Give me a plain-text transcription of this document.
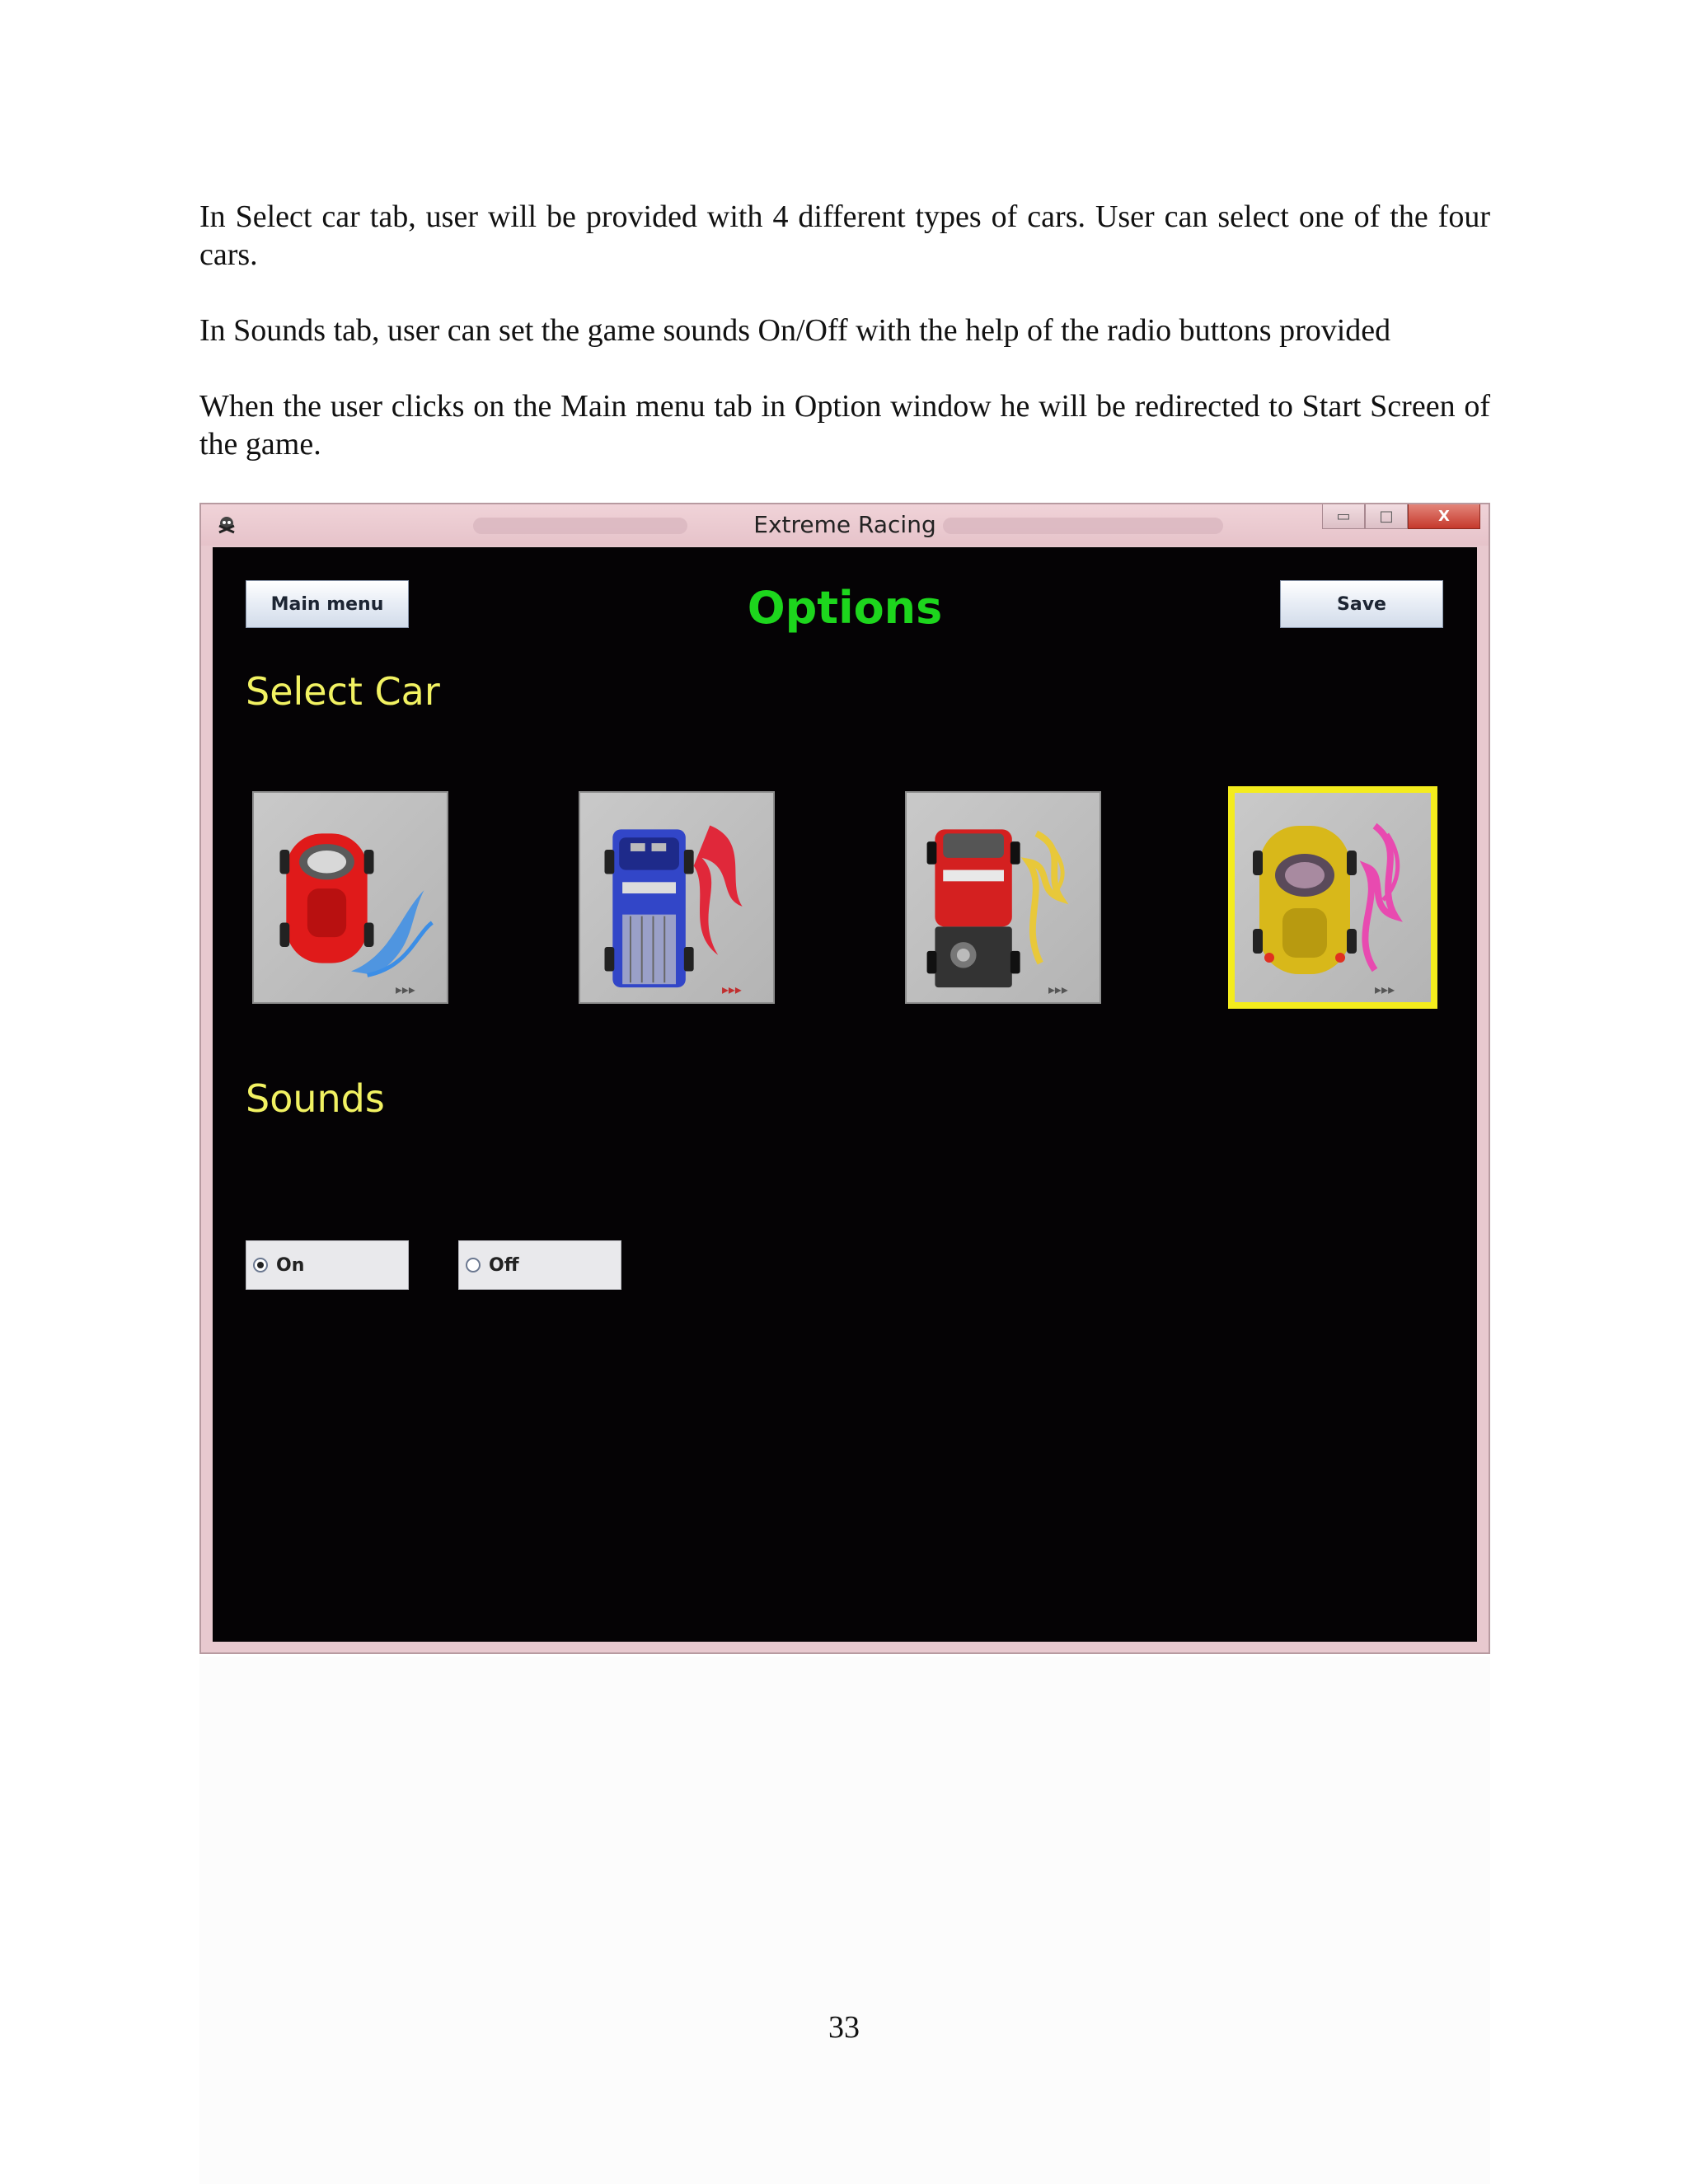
In Select car tab, user will be provided with 4 different types of cars. User can select one of the four cars.

In Sounds tab, user can set the game sounds On/Off with the help of the radio buttons provided

When the user clicks on the Main menu tab in Option window he will be redirected to Start Screen of the game.

Extreme Racing	▭	□	X
Main menu	Options	Save
Select Car
▸▸▸	▸▸▸	▸▸▸	▸▸▸
Sounds
On	Off
33
